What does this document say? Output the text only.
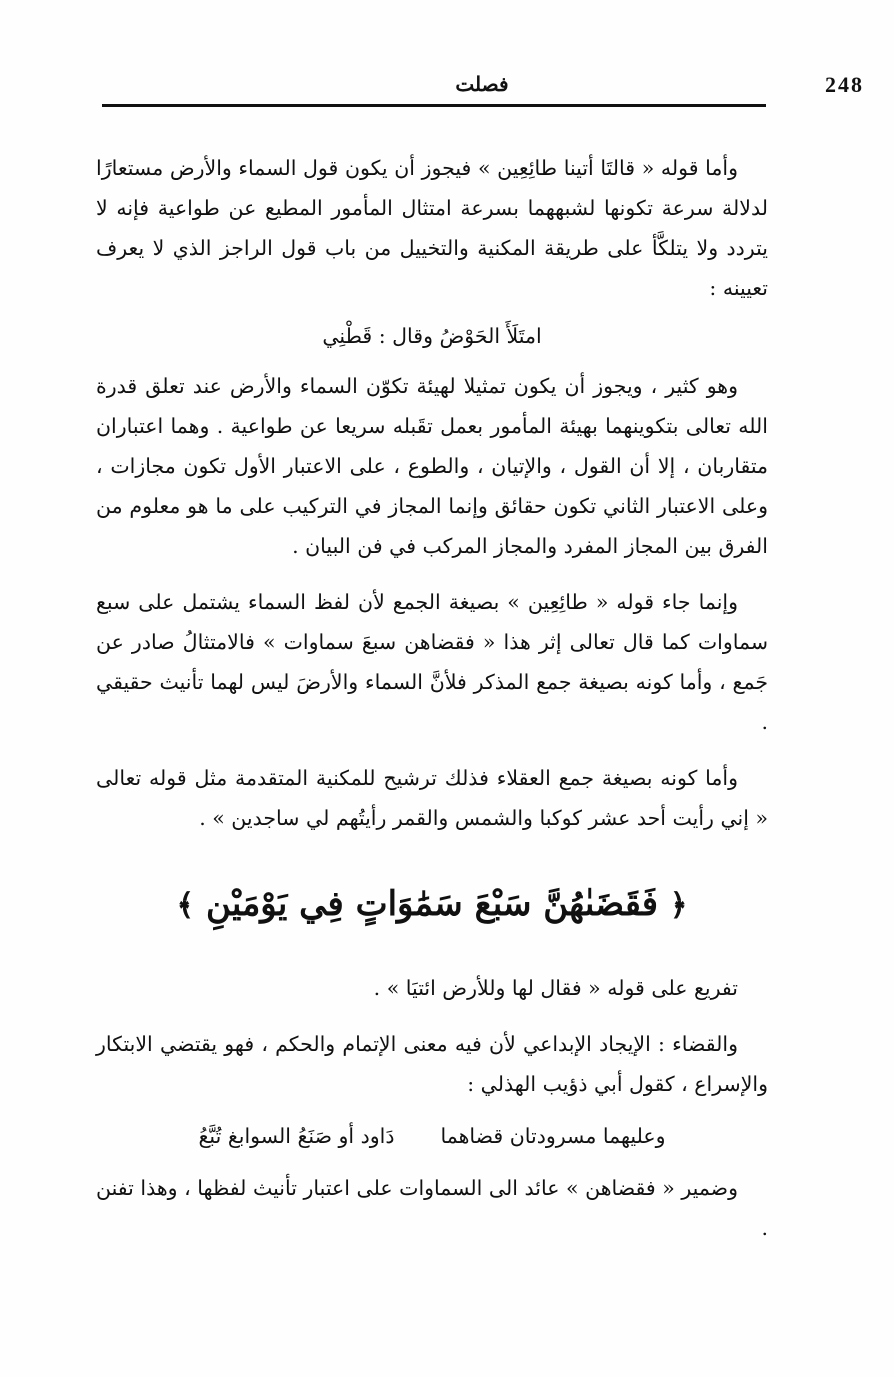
248
فصلت

وأما قوله « قالتَا أتينا طائِعِين » فيجوز أن يكون قول السماء والأرض مستعارًا لدلالة سرعة تكونها لشبههما بسرعة امتثال المأمور المطيع عن طواعية فإنه لا يتردد ولا يتلكَّأ على طريقة المكنية والتخييل من باب قول الراجز الذي لا يعرف تعيينه :

امتَلَأَ الحَوْضُ وقال : قَطْنِي

وهو كثير ، ويجوز أن يكون تمثيلا لهيئة تكوّن السماء والأرض عند تعلق قدرة الله تعالى بتكوينهما بهيئة المأمور بعمل تقَبله سريعا عن طواعية . وهما اعتباران متقاربان ، إلا أن القول ، والإتيان ، والطوع ، على الاعتبار الأول تكون مجازات ، وعلى الاعتبار الثاني تكون حقائق وإنما المجاز في التركيب على ما هو معلوم من الفرق بين المجاز المفرد والمجاز المركب في فن البيان .

وإنما جاء قوله « طائِعِين » بصيغة الجمع لأن لفظ السماء يشتمل على سبع سماوات كما قال تعالى إثر هذا « فقضاهن سبعَ سماوات » فالامتثالُ صادر عن جَمع ، وأما كونه بصيغة جمع المذكر فلأنَّ السماء والأرضَ ليس لهما تأنيث حقيقي .

وأما كونه بصيغة جمع العقلاء فذلك ترشيح للمكنية المتقدمة مثل قوله تعالى « إني رأيت أحد عشر كوكبا والشمس والقمر رأيتُهم لي ساجدين » .

﴿ فَقَضَىٰهُنَّ سَبْعَ سَمَٰوَاتٍ فِي يَوْمَيْنِ ﴾

تفريع على قوله « فقال لها وللأرض ائتيَا » .

والقضاء : الإيجاد الإبداعي لأن فيه معنى الإتمام والحكم ، فهو يقتضي الابتكار والإسراع ، كقول أبي ذؤيب الهذلي :

وعليهما مسرودتان قضاهما
دَاود أو صَنَعُ السوابغ تُبَّعُ

وضمير « فقضاهن » عائد الى السماوات على اعتبار تأنيث لفظها ، وهذا تفنن .
